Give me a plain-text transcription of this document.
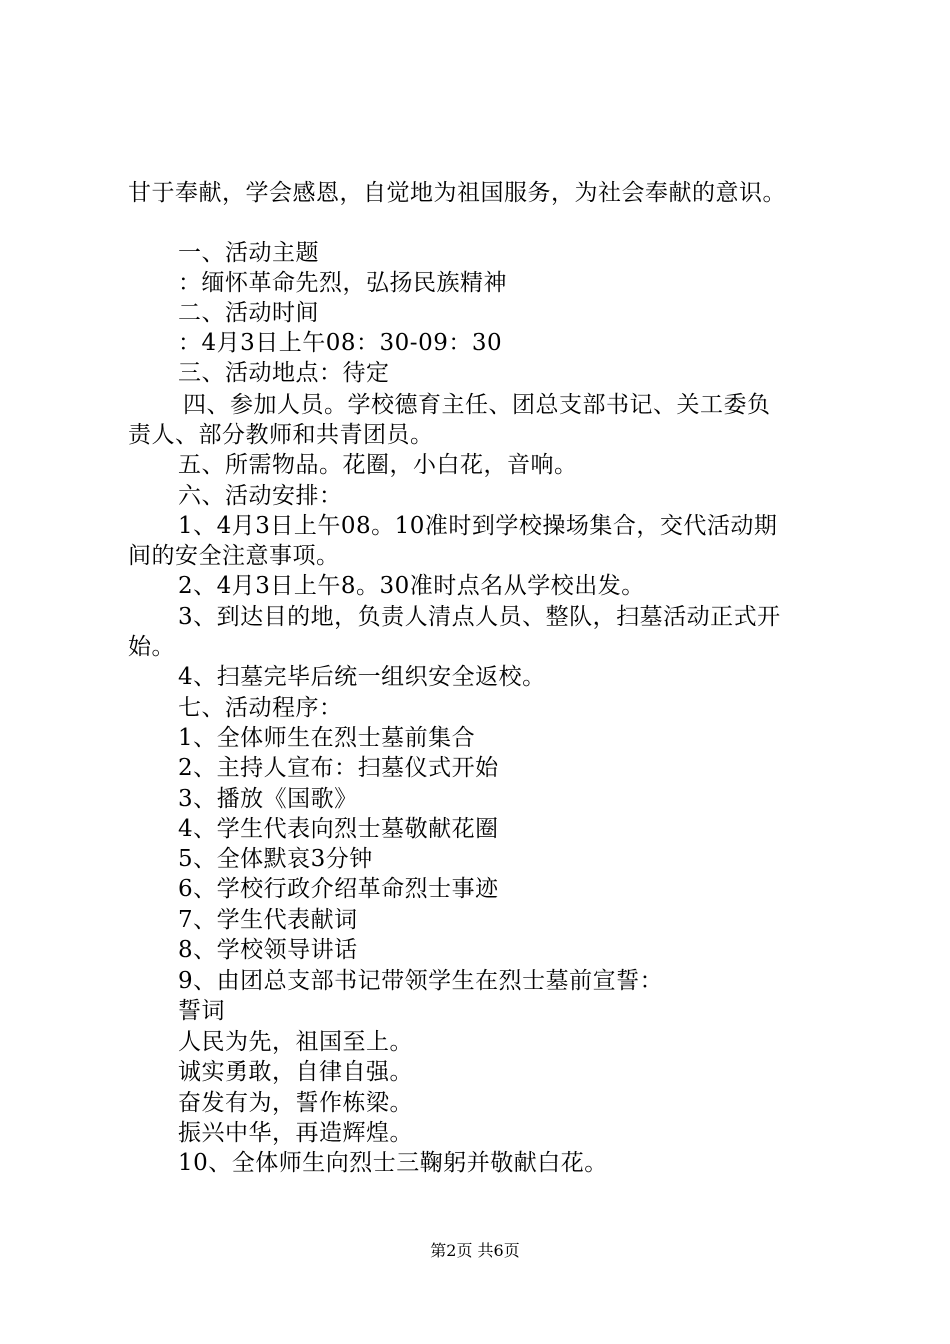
甘于奉献，学会感恩，自觉地为祖国服务，为社会奉献的意识。
一、活动主题
：缅怀革命先烈，弘扬民族精神
二、活动时间
：4月3日上午08：30-09：30
三、活动地点：待定
四、参加人员。学校德育主任、团总支部书记、关工委负
责人、部分教师和共青团员。
五、所需物品。花圈，小白花，音响。
六、活动安排：
1、4月3日上午08。10准时到学校操场集合，交代活动期
间的安全注意事项。
2、4月3日上午8。30准时点名从学校出发。
3、到达目的地，负责人清点人员、整队，扫墓活动正式开
始。
4、扫墓完毕后统一组织安全返校。
七、活动程序：
1、全体师生在烈士墓前集合
2、主持人宣布：扫墓仪式开始
3、播放《国歌》
4、学生代表向烈士墓敬献花圈
5、全体默哀3分钟
6、学校行政介绍革命烈士事迹
7、学生代表献词
8、学校领导讲话
9、由团总支部书记带领学生在烈士墓前宣誓：
誓词
人民为先，祖国至上。
诚实勇敢，自律自强。
奋发有为，誓作栋梁。
振兴中华，再造辉煌。
10、全体师生向烈士三鞠躬并敬献白花。
第2页 共6页
